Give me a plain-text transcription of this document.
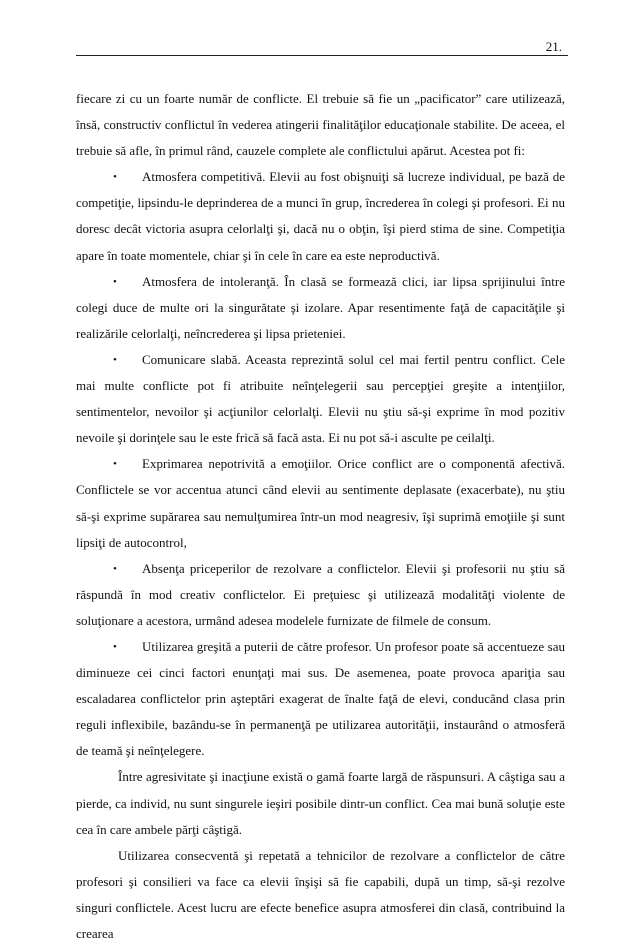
21.

fiecare zi cu un foarte număr de conflicte. El trebuie să fie un „pacificator” care utilizează, însă, constructiv conflictul în vederea atingerii finalităţilor educaţionale stabilite. De aceea, el trebuie să afle, în primul rând, cauzele complete ale conflictului apărut. Acestea pot fi:

• Atmosfera competitivă. Elevii au fost obişnuiţi să lucreze individual, pe bază de competiţie, lipsindu-le deprinderea de a munci în grup, încrederea în colegi şi profesori. Ei nu doresc decât victoria asupra celorlalţi şi, dacă nu o obţin, îşi pierd stima de sine. Competiţia apare în toate momentele, chiar şi în cele în care ea este neproductivă.

• Atmosfera de intoleranţă. În clasă se formează clici, iar lipsa sprijinului între colegi duce de multe ori la singurătate şi izolare. Apar resentimente faţă de capacităţile şi realizările celorlalţi, neîncrederea şi lipsa prieteniei.

• Comunicare slabă. Aceasta reprezintă solul cel mai fertil pentru conflict. Cele mai multe conflicte pot fi atribuite neînţelegerii sau percepţiei greşite a intenţiilor, sentimentelor, nevoilor şi acţiunilor celorlalţi. Elevii nu ştiu să-şi exprime în mod pozitiv nevoile şi dorinţele sau le este frică să facă asta. Ei nu pot să-i asculte pe ceilalţi.

• Exprimarea nepotrivită a emoţiilor. Orice conflict are o componentă afectivă. Conflictele se vor accentua atunci când elevii au sentimente deplasate (exacerbate), nu ştiu să-şi exprime supărarea sau nemulţumirea într-un mod neagresiv, îşi suprimă emoţiile şi sunt lipsiţi de autocontrol,

• Absenţa priceperilor de rezolvare a conflictelor. Elevii şi profesorii nu ştiu să răspundă în mod creativ conflictelor. Ei preţuiesc şi utilizează modalităţi violente de soluţionare a acestora, urmând adesea modelele furnizate de filmele de consum.

• Utilizarea greşită a puterii de către profesor. Un profesor poate să accentueze sau diminueze cei cinci factori enunţaţi mai sus. De asemenea, poate provoca apariţia sau escaladarea conflictelor prin aşteptări exagerat de înalte faţă de elevi, conducând clasa prin reguli inflexibile, bazându-se în permanenţă pe utilizarea autorităţii, instaurând o atmosferă de teamă şi neînţelegere.

Între agresivitate şi inacţiune există o gamă foarte largă de răspunsuri. A câştiga sau a pierde, ca individ, nu sunt singurele ieşiri posibile dintr-un conflict. Cea mai bună soluţie este cea în care ambele părţi câştigă.

Utilizarea consecventă şi repetată a tehnicilor de rezolvare a conflictelor de către profesori şi consilieri va face ca elevii înşişi să fie capabili, după un timp, să-şi rezolve singuri conflictele. Acest lucru are efecte benefice asupra atmosferei din clasă, contribuind la crearea
